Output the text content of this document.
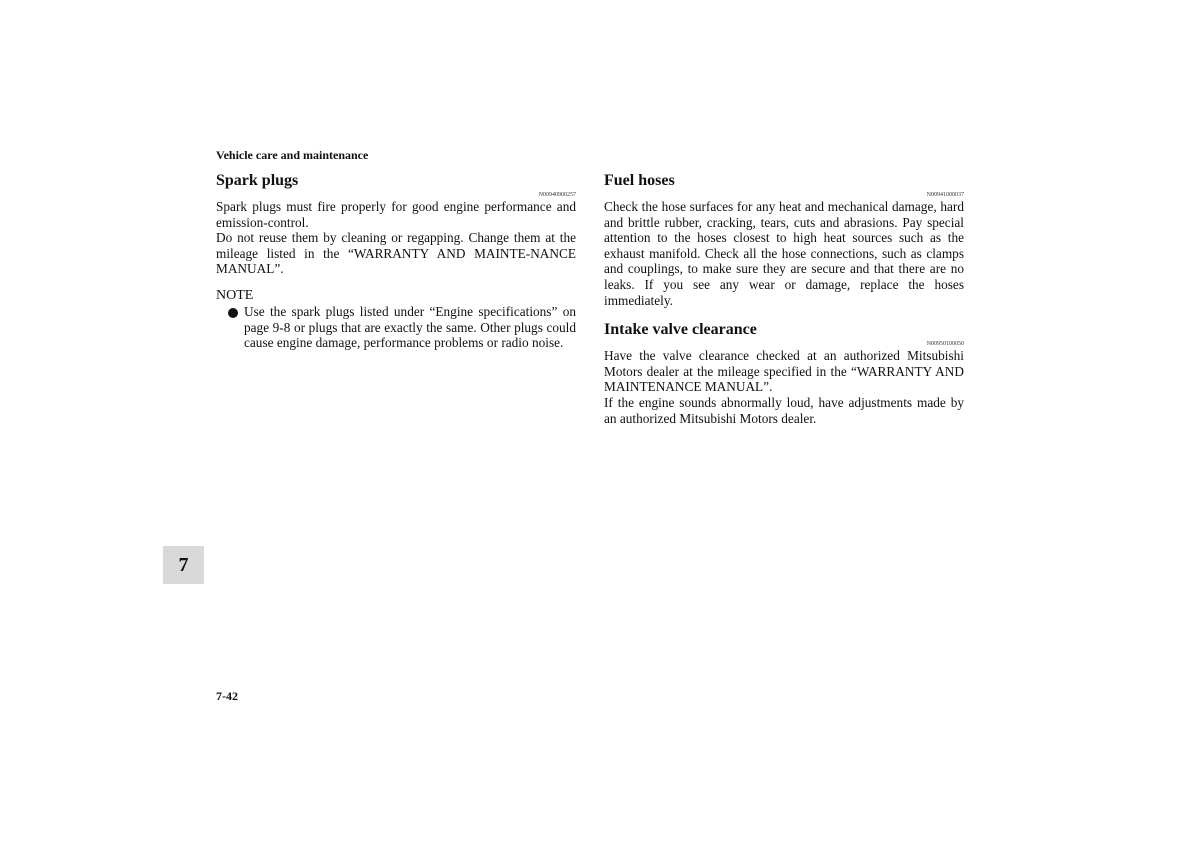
Vehicle care and maintenance
Spark plugs
N00940900257

Spark plugs must fire properly for good engine performance and emission-control.

Do not reuse them by cleaning or regapping. Change them at the mileage listed in the “WARRANTY AND MAINTE-NANCE MANUAL”.

NOTE
Use the spark plugs listed under “Engine specifications” on page 9-8 or plugs that are exactly the same. Other plugs could cause engine damage, performance problems or radio noise.
Fuel hoses
N00941000037

Check the hose surfaces for any heat and mechanical damage, hard and brittle rubber, cracking, tears, cuts and abrasions. Pay special attention to the hoses closest to high heat sources such as the exhaust manifold. Check all the hose connections, such as clamps and couplings, to make sure they are secure and that there are no leaks. If you see any wear or damage, replace the hoses immediately.

Intake valve clearance
N00950100050

Have the valve clearance checked at an authorized Mitsubishi Motors dealer at the mileage specified in the “WARRANTY AND MAINTENANCE MANUAL”.

If the engine sounds abnormally loud, have adjustments made by an authorized Mitsubishi Motors dealer.

7
7-42
